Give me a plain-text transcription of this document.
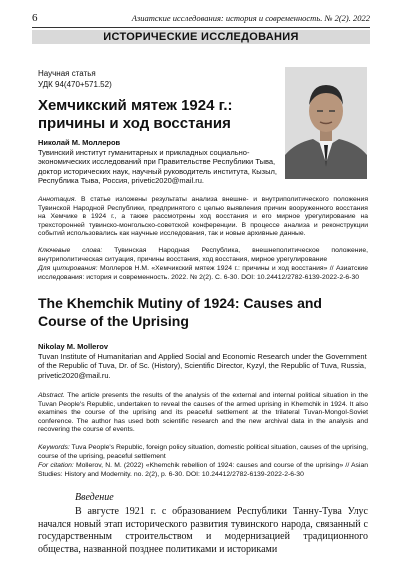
6	Азиатские исследования: история и современность. № 2(2). 2022
ИСТОРИЧЕСКИЕ ИССЛЕДОВАНИЯ
Научная статья
УДК 94(470+571.52)
Хемчикский мятеж 1924 г.: причины и ход восстания
Николай М. Моллеров
Тувинский институт гуманитарных и прикладных социально-экономических исследований при Правительстве Республики Тыва, доктор исторических наук, научный руководитель института, Кызыл, Республика Тыва, Россия, privetic2020@mail.ru.
Аннотация. В статье изложены результаты анализа внешне- и внутриполитического положения Тувинской Народной Республики, предпринятого с целью выявления причин вооруженного восстания на Хемчике в 1924 г., а также рассмотрены ход восстания и его мирное урегулирование на трехсторонней тувинско-монгольско-советской конференции. В процессе анализа и реконструкции событий использовались как научные исследования, так и новые архивные данные.
Ключевые слова: Тувинская Народная Республика, внешнеполитическое положение, внутриполитическая ситуация, причины восстания, ход восстания, мирное урегулирование
Для цитирования: Моллеров Н.М. «Хемчикский мятеж 1924 г.: причины и ход восстания» // Азиатские исследования: история и современность. 2022. № 2(2). С. 6-30. DOI: 10.24412/2782-6139-2022-2-6-30
The Khemchik Mutiny of 1924: Causes and Course of the Uprising
Nikolay M. Mollerov
Tuvan Institute of Humanitarian and Applied Social and Economic Research under the Government of the Republic of Tuva, Dr. of Sc. (History), Scientific Director, Kyzyl, the Republic of Tuva, Russia, privetic2020@mail.ru.
Abstract. The article presents the results of the analysis of the external and internal political situation in the Tuvan People's Republic, undertaken to reveal the causes of the armed uprising in Khemchik in 1924. It also examines the course of the uprising and its peaceful settlement at the trilateral Tuvan-Mongol-Soviet conference. The author has used both scientific research and the new archival data in the analysis and recovering the course of events.
Keywords: Tuva People's Republic, foreign policy situation, domestic political situation, causes of the uprising, course of the uprising, peaceful settlement
For citation: Mollerov, N. M. (2022) «Khemchik rebellion of 1924: causes and course of the uprising» // Asian Studies: History and Modernity. no. 2(2), p. 6-30. DOI: 10.24412/2782-6139-2022-2-6-30
Введение
В августе 1921 г. с образованием Республики Танну-Тува Улус начался новый этап исторического развития тувинского народа, связанный с государственным строительством и модернизацией традиционного общества, названной позднее политиками и историками
